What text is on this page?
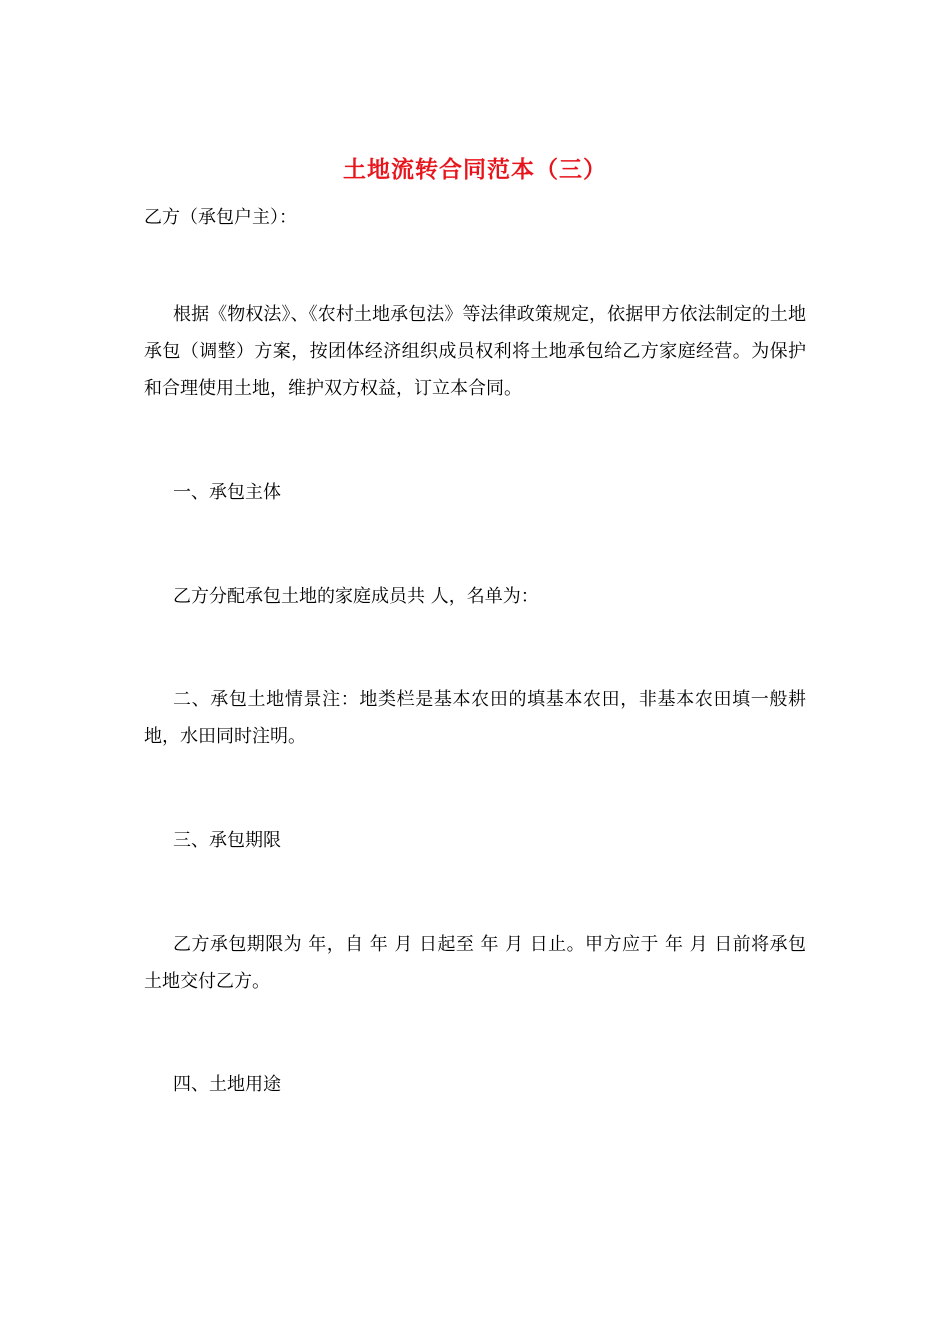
土地流转合同范本（三）
乙方（承包户主）：
根据《物权法》、《农村土地承包法》等法律政策规定，依据甲方依法制定的土地承包（调整）方案，按团体经济组织成员权利将土地承包给乙方家庭经营。为保护和合理使用土地，维护双方权益，订立本合同。
一、承包主体
乙方分配承包土地的家庭成员共 人，名单为：
二、承包土地情景注：地类栏是基本农田的填基本农田，非基本农田填一般耕地，水田同时注明。
三、承包期限
乙方承包期限为 年，自 年 月 日起至 年 月 日止。甲方应于 年 月 日前将承包土地交付乙方。
四、土地用途
